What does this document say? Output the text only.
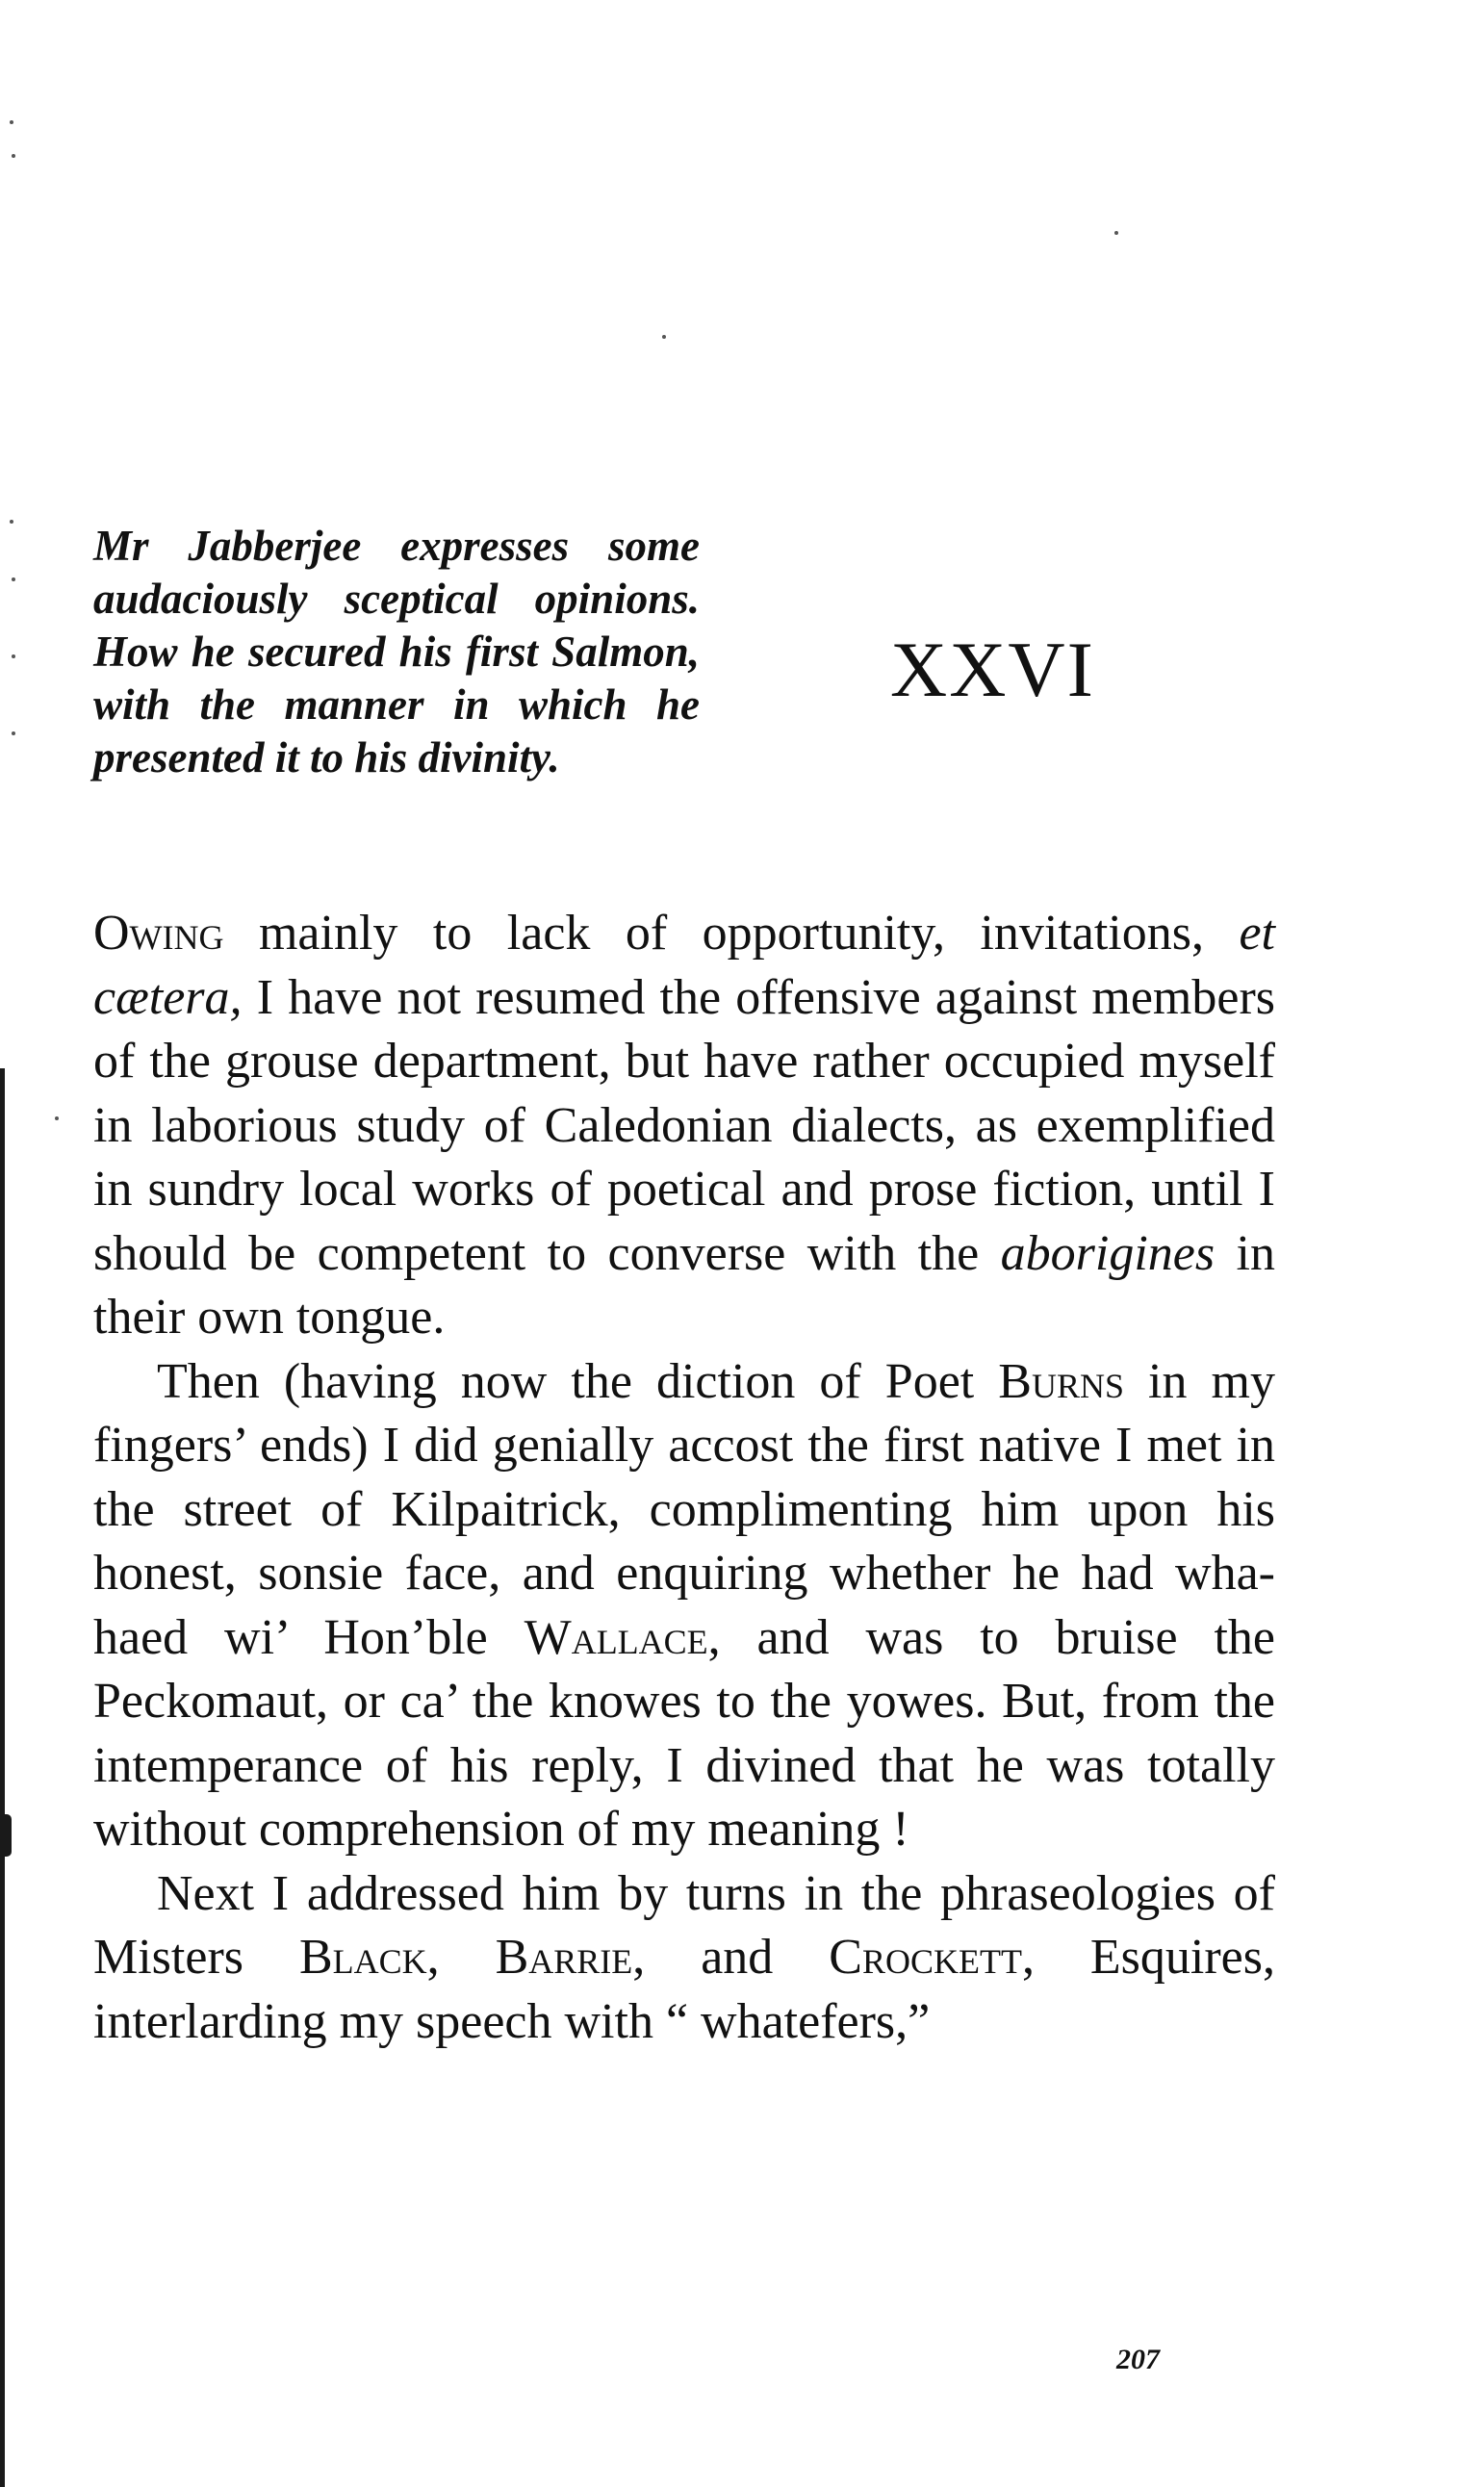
Mr Jabberjee expresses some audaciously sceptical opinions. How he secured his first Salmon, with the manner in which he presented it to his divinity.

XXVI

Owing mainly to lack of opportunity, invitations, et cætera, I have not resumed the offensive against members of the grouse department, but have rather occupied myself in laborious study of Caledonian dialects, as exemplified in sundry local works of poetical and prose fiction, until I should be competent to converse with the aborigines in their own tongue.

Then (having now the diction of Poet Burns in my fingers’ ends) I did genially accost the first native I met in the street of Kilpaitrick, complimenting him upon his honest, sonsie face, and enquiring whether he had wha-haed wi’ Hon’ble Wallace, and was to bruise the Peckomaut, or ca’ the knowes to the yowes. But, from the intemperance of his reply, I divined that he was totally without comprehension of my meaning !

Next I addressed him by turns in the phraseologies of Misters Black, Barrie, and Crockett, Esquires, interlarding my speech with “ whatefers,”

207
